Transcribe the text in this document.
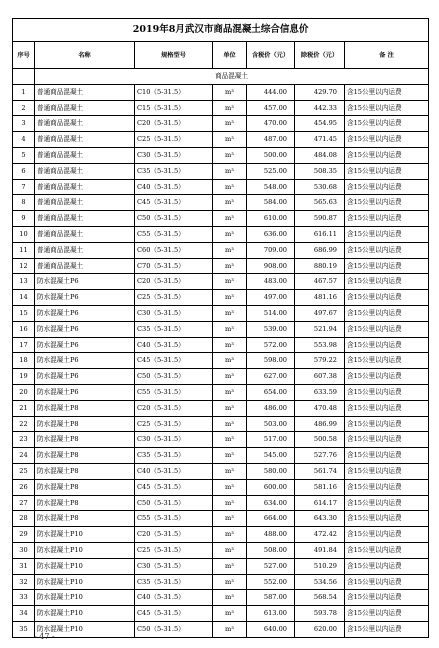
2019年8月武汉市商品混凝土综合信息价						
序号	名称	规格型号	单位	含税价（元）	除税价（元）	备 注
	商品混凝土					
1	普通商品混凝土	C10（5-31.5）	m³	444.00	429.70	含15公里以内运费
2	普通商品混凝土	C15（5-31.5）	m³	457.00	442.33	含15公里以内运费
3	普通商品混凝土	C20（5-31.5）	m³	470.00	454.95	含15公里以内运费
4	普通商品混凝土	C25（5-31.5）	m³	487.00	471.45	含15公里以内运费
5	普通商品混凝土	C30（5-31.5）	m³	500.00	484.08	含15公里以内运费
6	普通商品混凝土	C35（5-31.5）	m³	525.00	508.35	含15公里以内运费
7	普通商品混凝土	C40（5-31.5）	m³	548.00	530.68	含15公里以内运费
8	普通商品混凝土	C45（5-31.5）	m³	584.00	565.63	含15公里以内运费
9	普通商品混凝土	C50（5-31.5）	m³	610.00	590.87	含15公里以内运费
10	普通商品混凝土	C55（5-31.5）	m³	636.00	616.11	含15公里以内运费
11	普通商品混凝土	C60（5-31.5）	m³	709.00	686.99	含15公里以内运费
12	普通商品混凝土	C70（5-31.5）	m³	908.00	880.19	含15公里以内运费
13	防水混凝土P6	C20（5-31.5）	m³	483.00	467.57	含15公里以内运费
14	防水混凝土P6	C25（5-31.5）	m³	497.00	481.16	含15公里以内运费
15	防水混凝土P6	C30（5-31.5）	m³	514.00	497.67	含15公里以内运费
16	防水混凝土P6	C35（5-31.5）	m³	539.00	521.94	含15公里以内运费
17	防水混凝土P6	C40（5-31.5）	m³	572.00	553.98	含15公里以内运费
18	防水混凝土P6	C45（5-31.5）	m³	598.00	579.22	含15公里以内运费
19	防水混凝土P6	C50（5-31.5）	m³	627.00	607.38	含15公里以内运费
20	防水混凝土P6	C55（5-31.5）	m³	654.00	633.59	含15公里以内运费
21	防水混凝土P8	C20（5-31.5）	m³	486.00	470.48	含15公里以内运费
22	防水混凝土P8	C25（5-31.5）	m³	503.00	486.99	含15公里以内运费
23	防水混凝土P8	C30（5-31.5）	m³	517.00	500.58	含15公里以内运费
24	防水混凝土P8	C35（5-31.5）	m³	545.00	527.76	含15公里以内运费
25	防水混凝土P8	C40（5-31.5）	m³	580.00	561.74	含15公里以内运费
26	防水混凝土P8	C45（5-31.5）	m³	600.00	581.16	含15公里以内运费
27	防水混凝土P8	C50（5-31.5）	m³	634.00	614.17	含15公里以内运费
28	防水混凝土P8	C55（5-31.5）	m³	664.00	643.30	含15公里以内运费
29	防水混凝土P10	C20（5-31.5）	m³	488.00	472.42	含15公里以内运费
30	防水混凝土P10	C25（5-31.5）	m³	508.00	491.84	含15公里以内运费
31	防水混凝土P10	C30（5-31.5）	m³	527.00	510.29	含15公里以内运费
32	防水混凝土P10	C35（5-31.5）	m³	552.00	534.56	含15公里以内运费
33	防水混凝土P10	C40（5-31.5）	m³	587.00	568.54	含15公里以内运费
34	防水混凝土P10	C45（5-31.5）	m³	613.00	593.78	含15公里以内运费
35	防水混凝土P10	C50（5-31.5）	m³	640.00	620.00	含15公里以内运费
- 47 -
